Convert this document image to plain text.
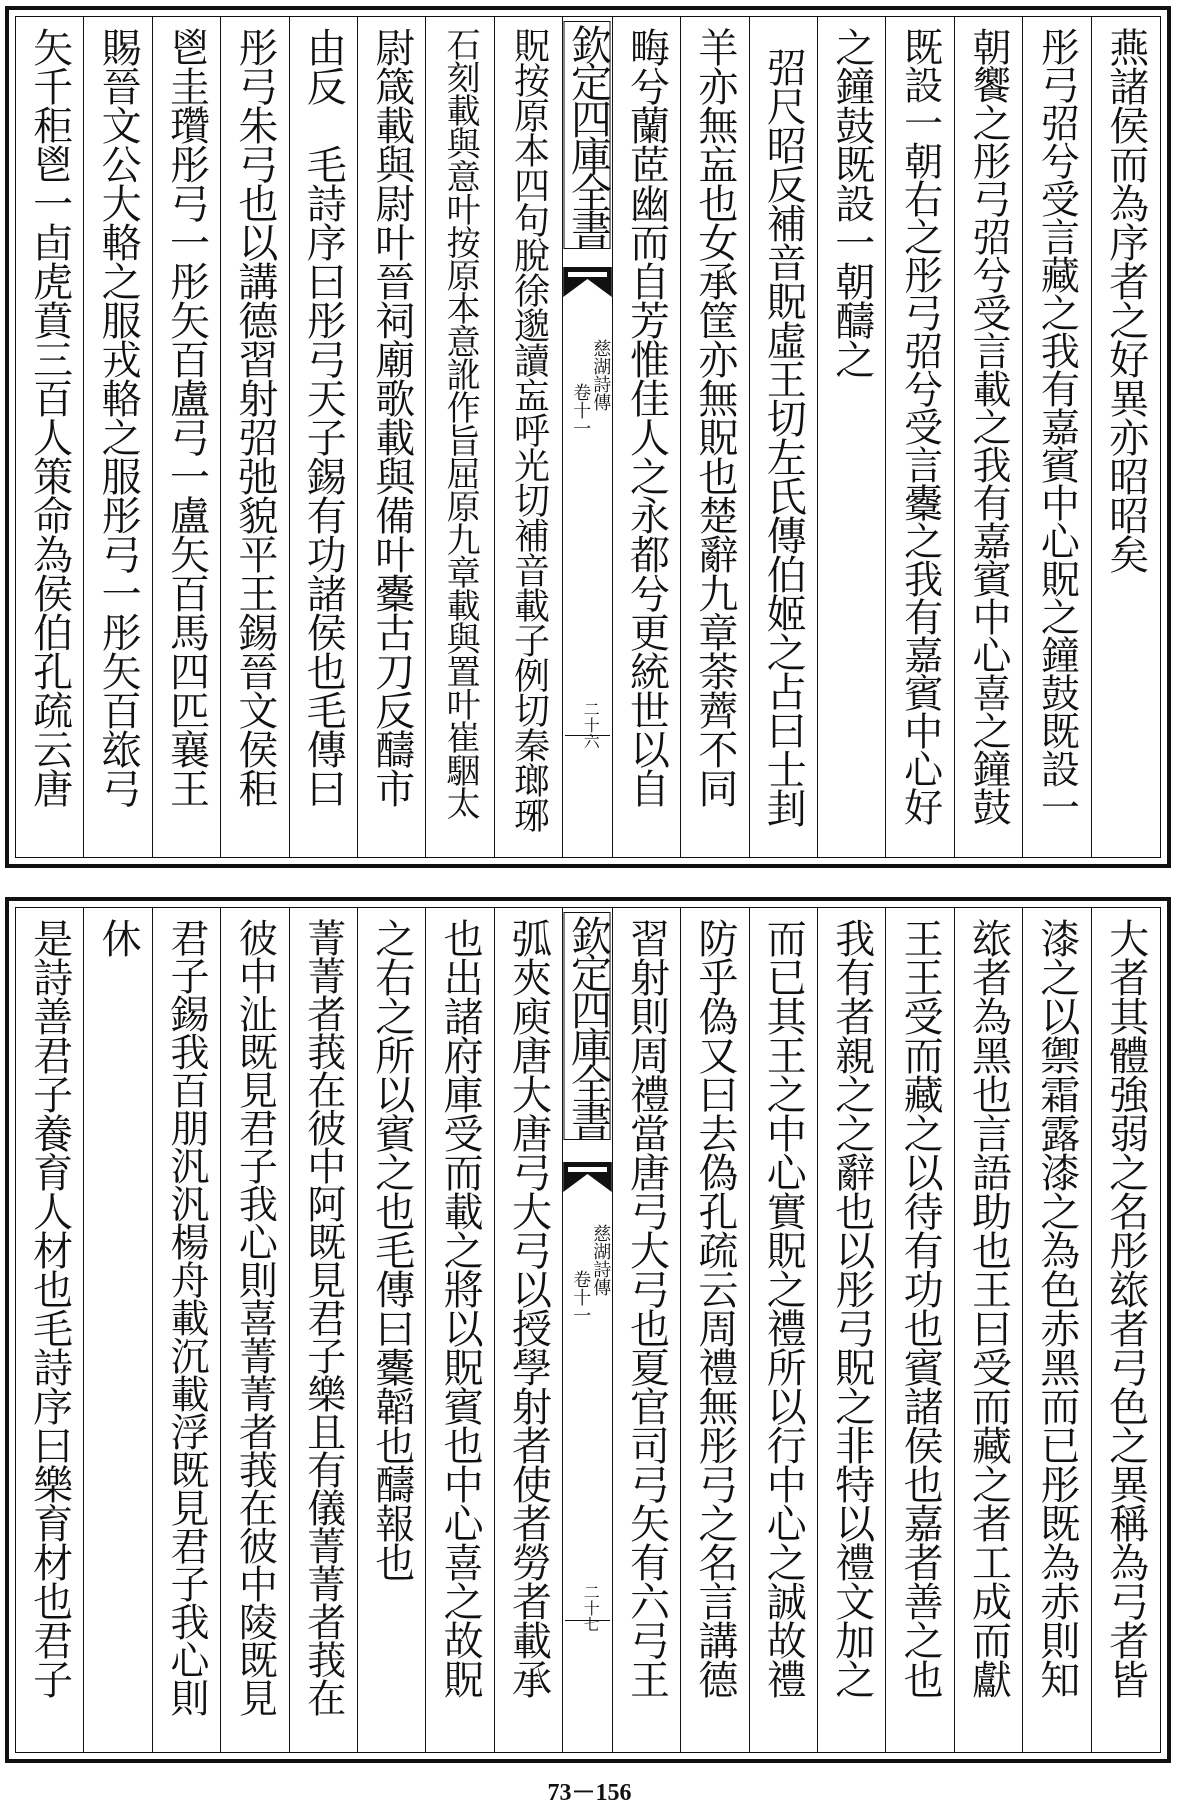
燕諸侯而為序者之好異亦昭昭矣
彤弓弨兮受言藏之我有嘉賓中心貺之鐘鼓既設一
朝饗之彤弓弨兮受言載之我有嘉賓中心喜之鐘鼓
既設一朝右之彤弓弨兮受言櫜之我有嘉賓中心好
之鐘鼓既設一朝醻之
弨尺昭反補音貺虛王切左氏傳伯姬之占曰士刲
羊亦無衁也女承筐亦無貺也楚辭九章荼薺不同
畮兮蘭茝幽而自芳惟佳人之永都兮更統世以自
欽定四庫全書
慈湖詩傳
卷十一
二十六
貺按原本四句脫徐邈讀衁呼光切補音載子例切秦瑯琊
石刻載與意叶按原本意訛作旨屈原九章載與置叶崔駰太
尉箴載與尉叶晉祠廟歌載與備叶櫜古刀反醻市
由反　毛詩序曰彤弓天子錫有功諸侯也毛傳曰
彤弓朱弓也以講德習射弨弛貌平王錫晉文侯秬
鬯圭瓚彤弓一彤矢百盧弓一盧矢百馬四匹襄王
賜晉文公大輅之服戎輅之服彤弓一彤矢百玈弓
矢千秬鬯一卣虎賁三百人策命為侯伯孔疏云唐
大者其體強弱之名彤玈者弓色之異稱為弓者皆
漆之以禦霜露漆之為色赤黑而已彤既為赤則知
玈者為黑也言語助也王曰受而藏之者工成而獻
王王受而藏之以待有功也賓諸侯也嘉者善之也
我有者親之之辭也以彤弓貺之非特以禮文加之
而已其王之中心實貺之禮所以行中心之誠故禮
防乎偽又曰去偽孔疏云周禮無彤弓之名言講德
習射則周禮當唐弓大弓也夏官司弓矢有六弓王
欽定四庫全書
慈湖詩傳
卷十一
二十七
弧夾庾唐大唐弓大弓以授學射者使者勞者載承
也出諸府庫受而載之將以貺賓也中心喜之故貺
之右之所以賓之也毛傳曰櫜韜也醻報也
菁菁者莪在彼中阿既見君子樂且有儀菁菁者莪在
彼中沚既見君子我心則喜菁菁者莪在彼中陵既見
君子錫我百朋汎汎楊舟載沉載浮既見君子我心則
休
是詩善君子養育人材也毛詩序曰樂育材也君子
73－156
